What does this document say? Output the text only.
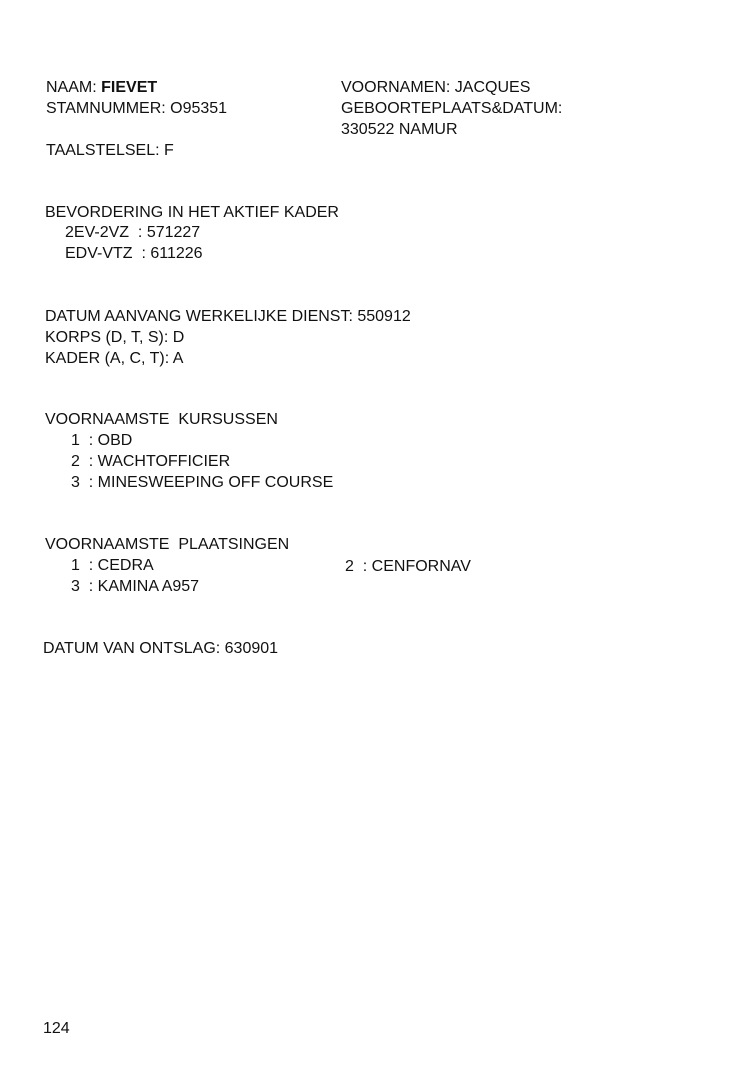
NAAM: FIEVET
STAMNUMMER: O95351
TAALSTELSEL: F
VOORNAMEN: JACQUES
GEBOORTEPLAATS&DATUM:
330522 NAMUR
BEVORDERING IN HET AKTIEF KADER
2EV-2VZ  : 571227
EDV-VTZ  : 611226
DATUM AANVANG WERKELIJKE DIENST: 550912
KORPS (D, T, S): D
KADER (A, C, T): A
VOORNAAMSTE  KURSUSSEN
1  : OBD
2  : WACHTOFFICIER
3  : MINESWEEPING OFF COURSE
VOORNAAMSTE  PLAATSINGEN
1  : CEDRA	2  : CENFORNAV
3  : KAMINA A957
DATUM VAN ONTSLAG: 630901
124
